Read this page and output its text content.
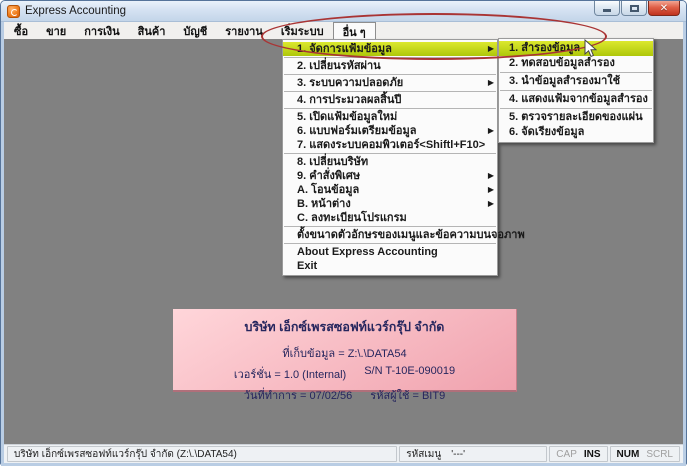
Express Accounting	✕
ซื้อ	ขาย	การเงิน	สินค้า	บัญชี	รายงาน	เริ่มระบบ	อื่น ๆ
บริษัท เอ็กซ์เพรสซอฟท์แวร์กรุ๊ป จำกัด (Z:\.\DATA54)	รหัสเมนู '---'	CAP INS NUM SCRL
1. จัดการแฟ้มข้อมูล	▶
2. เปลี่ยนรหัสผ่าน
3. ระบบความปลอดภัย	▶
4. การประมวลผลสิ้นปี
5. เปิดแฟ้มข้อมูลใหม่
6. แบบฟอร์มเตรียมข้อมูล	▶
7. แสดงระบบคอมพิวเตอร์ <Shiftl+F10>
8. เปลี่ยนบริษัท
9. คำสั่งพิเศษ	▶
A. โอนข้อมูล	▶
B. หน้าต่าง	▶
C. ลงทะเบียนโปรแกรม
ตั้งขนาดตัวอักษรของเมนูและข้อความบนจอภาพ
About Express Accounting
Exit
1. สำรองข้อมูล
2. ทดสอบข้อมูลสำรอง
3. นำข้อมูลสำรองมาใช้
4. แสดงแฟ้มจากข้อมูลสำรอง
5. ตรวจรายละเอียดของแผ่น
6. จัดเรียงข้อมูล
บริษัท เอ็กซ์เพรสซอฟท์แวร์กรุ๊ป จำกัด
ที่เก็บข้อมูล = Z:\.\DATA54
เวอร์ชั่น = 1.0 (Internal) S/N T-10E-090019
วันที่ทำการ = 07/02/56 รหัสผู้ใช้ = BIT9
